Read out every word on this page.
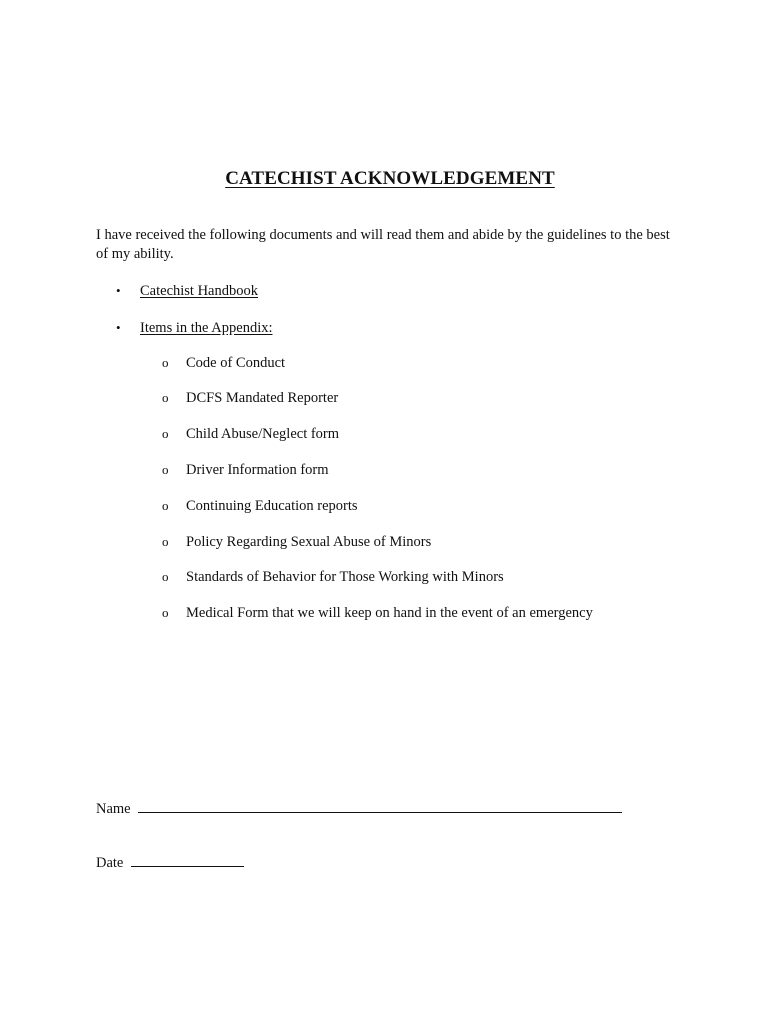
CATECHIST ACKNOWLEDGEMENT
I have received the following documents and will read them and abide by the guidelines to the best of my ability.
• Catechist Handbook
• Items in the Appendix:
o Code of Conduct
o DCFS Mandated Reporter
o Child Abuse/Neglect form
o Driver Information form
o Continuing Education reports
o Policy Regarding Sexual Abuse of Minors
o Standards of Behavior for Those Working with Minors
o Medical Form that we will keep on hand in the event of an emergency
Name
Date
